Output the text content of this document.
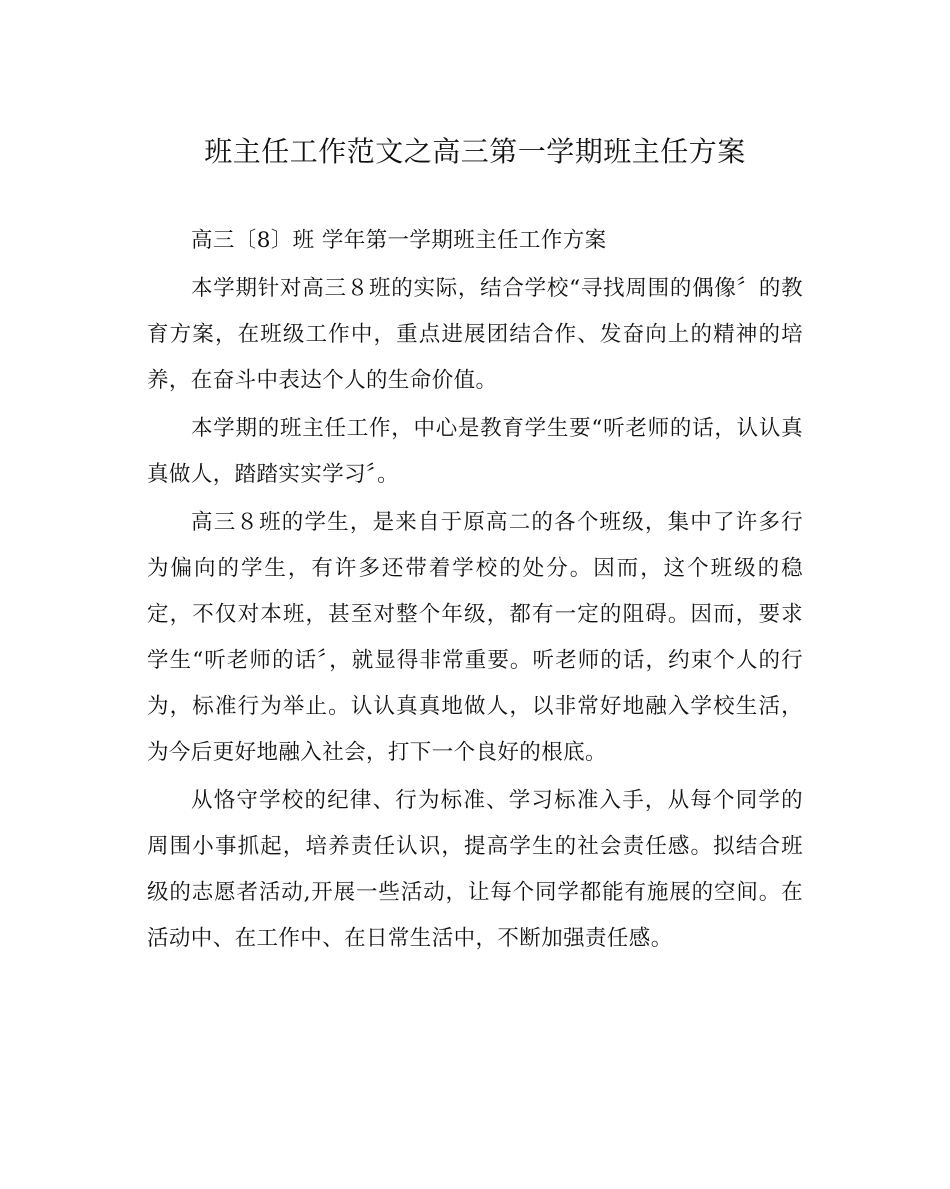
班主任工作范文之高三第一学期班主任方案

高三〔8〕班 学年第一学期班主任工作方案

本学期针对高三８班的实际，结合学校“寻找周围的偶像〞的教育方案，在班级工作中，重点进展团结合作、发奋向上的精神的培养，在奋斗中表达个人的生命价值。

本学期的班主任工作，中心是教育学生要“听老师的话，认认真真做人，踏踏实实学习〞。

高三８班的学生，是来自于原高二的各个班级，集中了许多行为偏向的学生，有许多还带着学校的处分。因而，这个班级的稳定，不仅对本班，甚至对整个年级，都有一定的阻碍。因而，要求学生“听老师的话〞，就显得非常重要。听老师的话，约束个人的行为，标准行为举止。认认真真地做人，以非常好地融入学校生活，为今后更好地融入社会，打下一个良好的根底。

从恪守学校的纪律、行为标准、学习标准入手，从每个同学的周围小事抓起，培养责任认识，提高学生的社会责任感。拟结合班级的志愿者活动,开展一些活动，让每个同学都能有施展的空间。在活动中、在工作中、在日常生活中，不断加强责任感。
